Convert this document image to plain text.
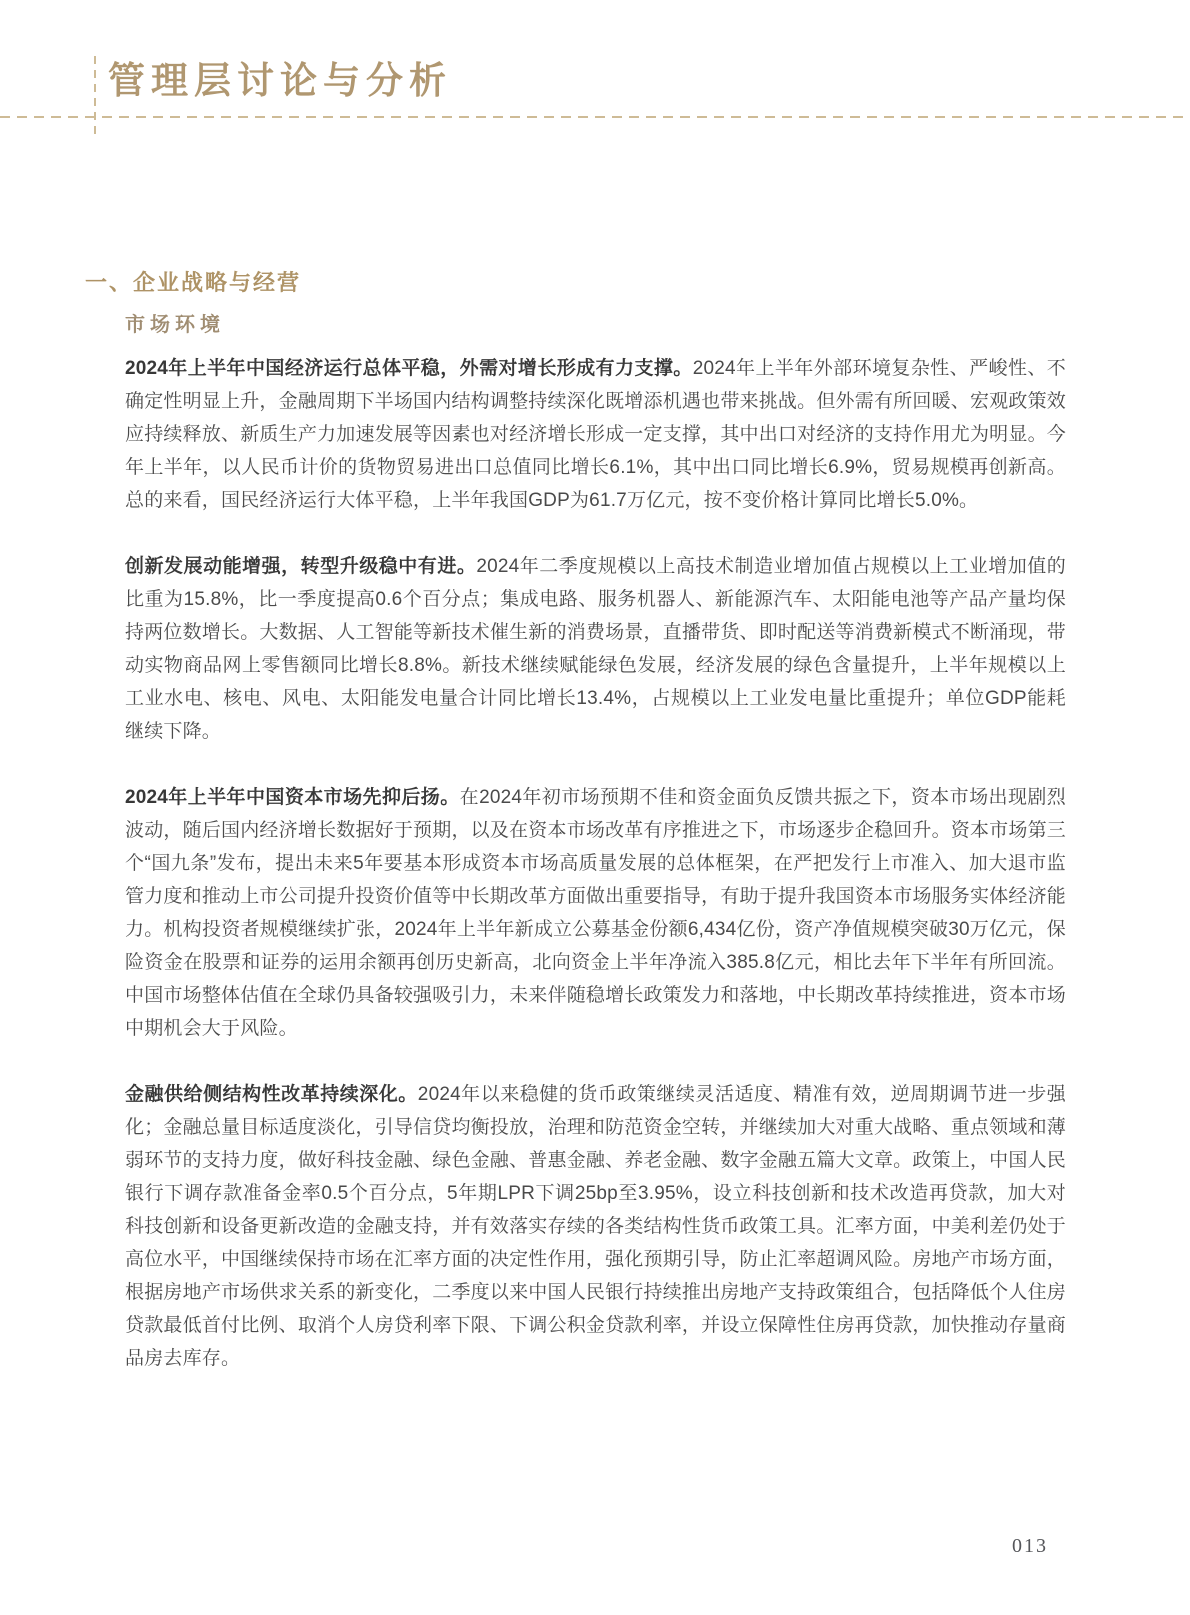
管理层讨论与分析
一、企业战略与经营
市场环境

2024年上半年中国经济运行总体平稳，外需对增长形成有力支撑。2024年上半年外部环境复杂性、严峻性、不确定性明显上升，金融周期下半场国内结构调整持续深化既增添机遇也带来挑战。但外需有所回暖、宏观政策效应持续释放、新质生产力加速发展等因素也对经济增长形成一定支撑，其中出口对经济的支持作用尤为明显。今年上半年，以人民币计价的货物贸易进出口总值同比增长6.1%，其中出口同比增长6.9%，贸易规模再创新高。总的来看，国民经济运行大体平稳，上半年我国GDP为61.7万亿元，按不变价格计算同比增长5.0%。

创新发展动能增强，转型升级稳中有进。2024年二季度规模以上高技术制造业增加值占规模以上工业增加值的比重为15.8%，比一季度提高0.6个百分点；集成电路、服务机器人、新能源汽车、太阳能电池等产品产量均保持两位数增长。大数据、人工智能等新技术催生新的消费场景，直播带货、即时配送等消费新模式不断涌现，带动实物商品网上零售额同比增长8.8%。新技术继续赋能绿色发展，经济发展的绿色含量提升，上半年规模以上工业水电、核电、风电、太阳能发电量合计同比增长13.4%，占规模以上工业发电量比重提升；单位GDP能耗继续下降。

2024年上半年中国资本市场先抑后扬。在2024年初市场预期不佳和资金面负反馈共振之下，资本市场出现剧烈波动，随后国内经济增长数据好于预期，以及在资本市场改革有序推进之下，市场逐步企稳回升。资本市场第三个“国九条”发布，提出未来5年要基本形成资本市场高质量发展的总体框架，在严把发行上市准入、加大退市监管力度和推动上市公司提升投资价值等中长期改革方面做出重要指导，有助于提升我国资本市场服务实体经济能力。机构投资者规模继续扩张，2024年上半年新成立公募基金份额6,434亿份，资产净值规模突破30万亿元，保险资金在股票和证券的运用余额再创历史新高，北向资金上半年净流入385.8亿元，相比去年下半年有所回流。中国市场整体估值在全球仍具备较强吸引力，未来伴随稳增长政策发力和落地，中长期改革持续推进，资本市场中期机会大于风险。

金融供给侧结构性改革持续深化。2024年以来稳健的货币政策继续灵活适度、精准有效，逆周期调节进一步强化；金融总量目标适度淡化，引导信贷均衡投放，治理和防范资金空转，并继续加大对重大战略、重点领域和薄弱环节的支持力度，做好科技金融、绿色金融、普惠金融、养老金融、数字金融五篇大文章。政策上，中国人民银行下调存款准备金率0.5个百分点，5年期LPR下调25bp至3.95%，设立科技创新和技术改造再贷款，加大对科技创新和设备更新改造的金融支持，并有效落实存续的各类结构性货币政策工具。汇率方面，中美利差仍处于高位水平，中国继续保持市场在汇率方面的决定性作用，强化预期引导，防止汇率超调风险。房地产市场方面，根据房地产市场供求关系的新变化，二季度以来中国人民银行持续推出房地产支持政策组合，包括降低个人住房贷款最低首付比例、取消个人房贷利率下限、下调公积金贷款利率，并设立保障性住房再贷款，加快推动存量商品房去库存。

013
